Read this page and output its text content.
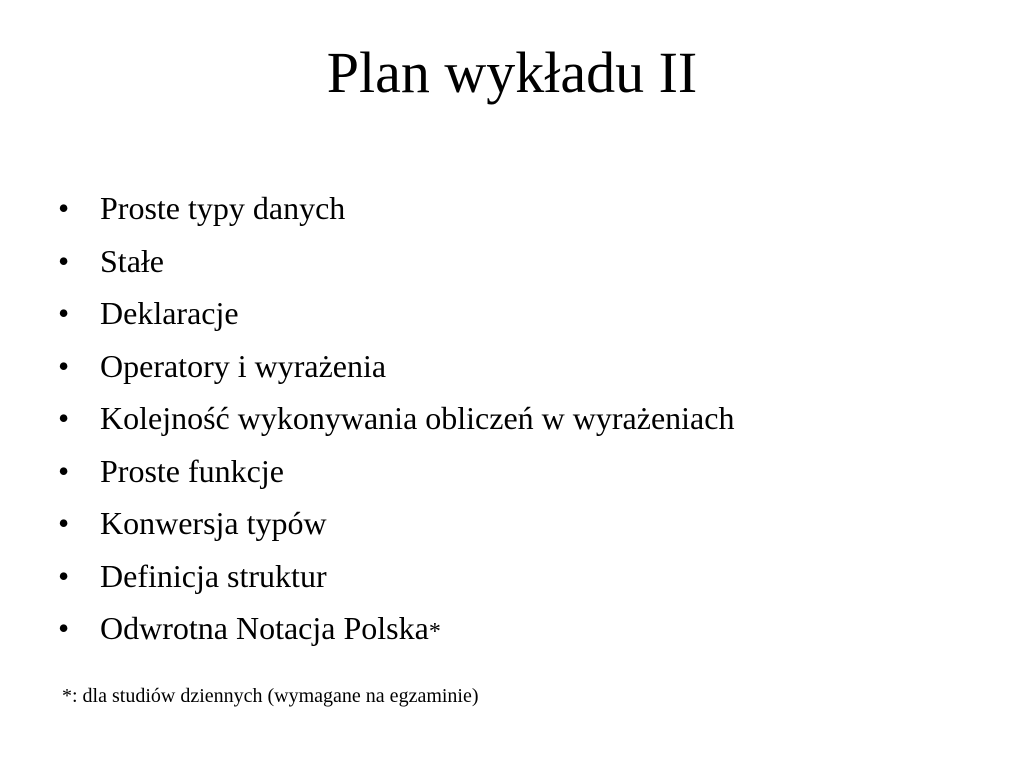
Plan wykładu II
• Proste typy danych
• Stałe
• Deklaracje
• Operatory i wyrażenia
• Kolejność wykonywania obliczeń w wyrażeniach
• Proste funkcje
• Konwersja typów
• Definicja struktur
• Odwrotna Notacja Polska *

*: dla studiów dziennych (wymagane na egzaminie)
